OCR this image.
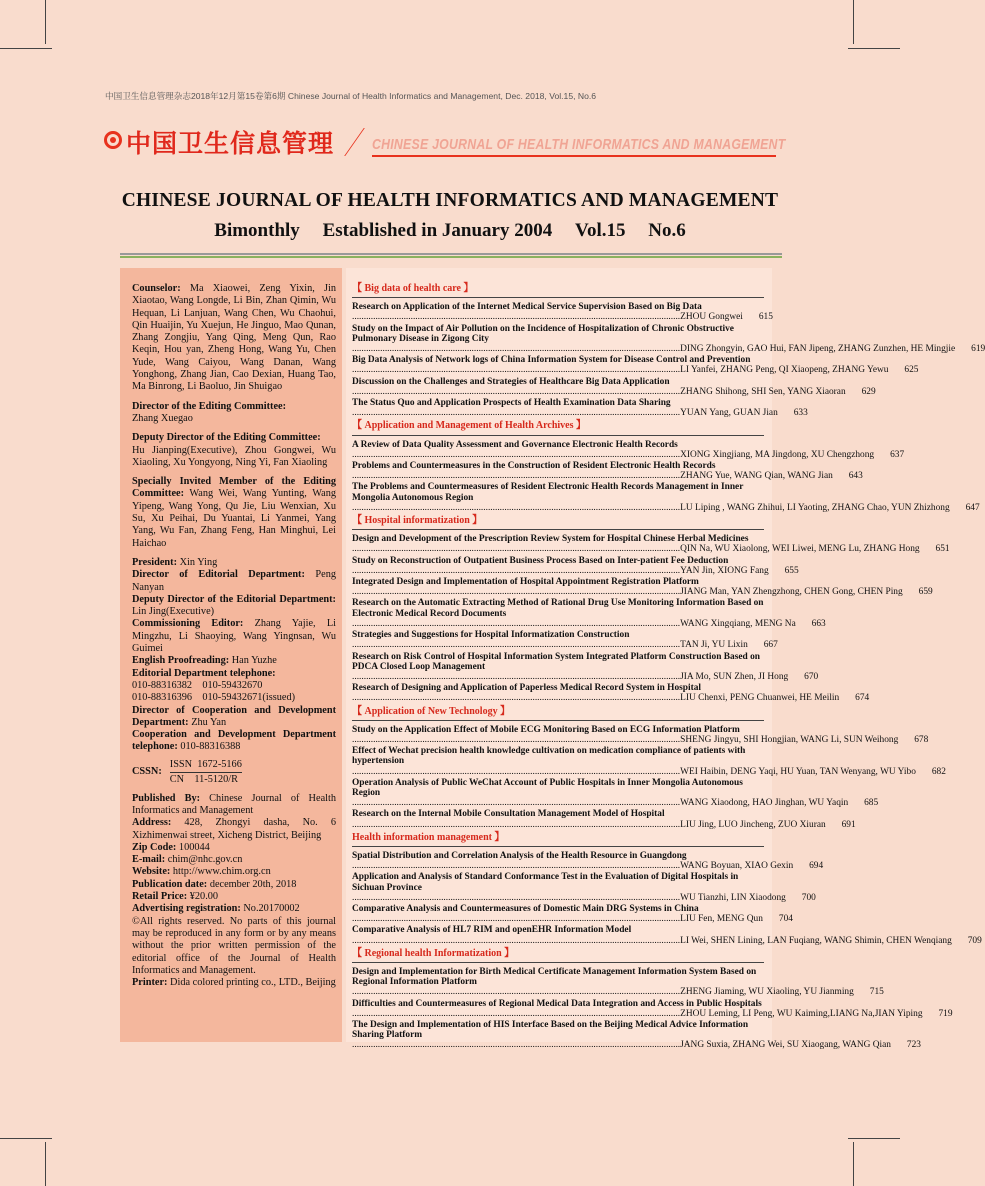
中国卫生信息管理杂志2018年12月第15卷第6期 Chinese Journal of Health Informatics and Management, Dec. 2018, Vol.15, No.6
中国卫生信息管理	CHINESE JOURNAL OF HEALTH INFORMATICS AND MANAGEMENT
CHINESE JOURNAL OF HEALTH INFORMATICS AND MANAGEMENT
Bimonthly Established in January 2004 Vol.15 No.6

Counselor: Ma Xiaowei, Zeng Yixin, Jin Xiaotao, Wang Longde, Li Bin, Zhan Qimin, Wu Hequan, Li Lanjuan, Wang Chen, Wu Chaohui, Qin Huaijin, Yu Xuejun, He Jinguo, Mao Qunan, Zhang Zongjiu, Yang Qing, Meng Qun, Rao Keqin, Hou yan, Zheng Hong, Wang Yu, Chen Yude, Wang Caiyou, Wang Danan, Wang Yonghong, Zhang Jian, Cao Dexian, Huang Tao, Ma Binrong, Li Baoluo, Jin Shuigao

Director of the Editing Committee:
Zhang Xuegao

Deputy Director of the Editing Committee:
Hu Jianping(Executive), Zhou Gongwei, Wu Xiaoling, Xu Yongyong, Ning Yi, Fan Xiaoling

Specially Invited Member of the Editing Committee: Wang Wei, Wang Yunting, Wang Yipeng, Wang Yong, Qu Jie, Liu Wenxian, Xu Su, Xu Peihai, Du Yuantai, Li Yanmei, Yang Yang, Wu Fan, Zhang Feng, Han Minghui, Lei Haichao

President: Xin Ying

Director of Editorial Department: Peng Nanyan

Deputy Director of the Editorial Department: Lin Jing(Executive)

Commissioning Editor: Zhang Yajie, Li Mingzhu, Li Shaoying, Wang Yingnsan, Wu Guimei

English Proofreading: Han Yuzhe

Editorial Department telephone:
010-88316382    010-59432670
010-88316396    010-59432671(issued)

Director of Cooperation and Development Department: Zhu Yan

Cooperation and Development Department telephone: 010-88316388

CSSN:
ISSN  1672-5166
CN    11-5120/R

Published By: Chinese Journal of Health Informatics and Management

Address: 428, Zhongyi dasha, No. 6 Xizhimenwai street, Xicheng District, Beijing

Zip Code: 100044

E-mail: chim@nhc.gov.cn

Website: http://www.chim.org.cn

Publication date: december 20th, 2018

Retail Price: ¥20.00

Advertising registration: No.20170002

©All rights reserved. No parts of this journal may be reproduced in any form or by any means without the prior written permission of the editorial office of the Journal of Health Informatics and Management.

Printer: Dida colored printing co., LTD., Beijing

【 Big data of health care 】
Research on Application of the Internet Medical Service Supervision Based on Big Data
............................................................................................................................................ZHOU Gongwei	615
Study on the Impact of Air Pollution on the Incidence of Hospitalization of Chronic Obstructive Pulmonary Disease in Zigong City
............................................................................................................................................DING Zhongyin, GAO Hui, FAN Jipeng, ZHANG Zunzhen, HE Mingjie	619
Big Data Analysis of Network logs of China Information System for Disease Control and Prevention
............................................................................................................................................LI Yanfei, ZHANG Peng, QI Xiaopeng, ZHANG Yewu	625
Discussion on the Challenges and Strategies of Healthcare Big Data Application
............................................................................................................................................ZHANG Shihong, SHI Sen, YANG Xiaoran	629
The Status Quo and Application Prospects of Health Examination Data Sharing
............................................................................................................................................YUAN Yang, GUAN Jian	633
【 Application and Management of Health Archives 】
A Review of Data Quality Assessment and Governance Electronic Health Records
............................................................................................................................................XIONG Xingjiang, MA Jingdong, XU Chengzhong	637
Problems and Countermeasures in the Construction of Resident Electronic Health Records
............................................................................................................................................ZHANG Yue, WANG Qian, WANG Jian	643
The Problems and Countermeasures of Resident Electronic Health Records Management in Inner Mongolia Autonomous Region
............................................................................................................................................LU Liping , WANG Zhihui, LI Yaoting, ZHANG Chao, YUN Zhizhong	647
【 Hospital informatization 】
Design and Development of the Prescription Review System for Hospital Chinese Herbal Medicines
............................................................................................................................................QIN Na, WU Xiaolong, WEI Liwei, MENG Lu, ZHANG Hong	651
Study on Reconstruction of Outpatient Business Process Based on Inter-patient Fee Deduction
............................................................................................................................................YAN Jin, XIONG Fang	655
Integrated Design and Implementation of Hospital Appointment Registration Platform
............................................................................................................................................JIANG Man, YAN Zhengzhong, CHEN Gong, CHEN Ping	659
Research on the Automatic Extracting Method of Rational Drug Use Monitoring Information Based on Electronic Medical Record Documents
............................................................................................................................................WANG Xingqiang, MENG Na	663
Strategies and Suggestions for Hospital Informatization Construction
............................................................................................................................................TAN Ji, YU Lixin	667
Research on Risk Control of Hospital Information System Integrated Platform Construction Based on PDCA Closed Loop Management
............................................................................................................................................JIA Mo, SUN Zhen, JI Hong	670
Research of Designing and Application of Paperless Medical Record System in Hospital
............................................................................................................................................LIU Chenxi, PENG Chuanwei, HE Meilin	674
【 Application of New Technology 】
Study on the Application Effect of Mobile ECG Monitoring Based on ECG Information Platform
............................................................................................................................................SHENG Jingyu, SHI Hongjian, WANG Li, SUN Weihong	678
Effect of Wechat precision health knowledge cultivation on medication compliance of patients with hypertension
............................................................................................................................................WEI Haibin, DENG Yaqi, HU Yuan, TAN Wenyang, WU Yibo	682
Operation Analysis of Public WeChat Account of Public Hospitals in Inner Mongolia Autonomous Region
............................................................................................................................................WANG Xiaodong, HAO Jinghan, WU Yaqin	685
Research on the Internal Mobile Consultation Management Model of Hospital
............................................................................................................................................LIU Jing, LUO Jincheng, ZUO Xiuran	691
Health information management 】
Spatial Distribution and Correlation Analysis of the Health Resource in Guangdong
............................................................................................................................................WANG Boyuan, XIAO Gexin	694
Application and Analysis of Standard Conformance Test in the Evaluation of Digital Hospitals in Sichuan Province
............................................................................................................................................WU Tianzhi, LIN Xiaodong	700
Comparative Analysis and Countermeasures of Domestic Main DRG Systems in China
............................................................................................................................................LIU Fen, MENG Qun	704
Comparative Analysis of HL7 RIM and openEHR Information Model
............................................................................................................................................LI Wei, SHEN Lining, LAN Fuqiang, WANG Shimin, CHEN Wenqiang	709
【 Regional health Informatization 】
Design and Implementation for Birth Medical Certificate Management Information System Based on Regional Information Platform
............................................................................................................................................ZHENG Jiaming, WU Xiaoling, YU Jianming	715
Difficulties and Countermeasures of Regional Medical Data Integration and Access in Public Hospitals
............................................................................................................................................ZHOU Leming, LI Peng, WU Kaiming,LIANG Na,JIAN Yiping	719
The Design and Implementation of HIS Interface Based on the Beijing Medical Advice Information Sharing Platform
............................................................................................................................................JANG Suxia, ZHANG Wei, SU Xiaogang, WANG Qian	723
